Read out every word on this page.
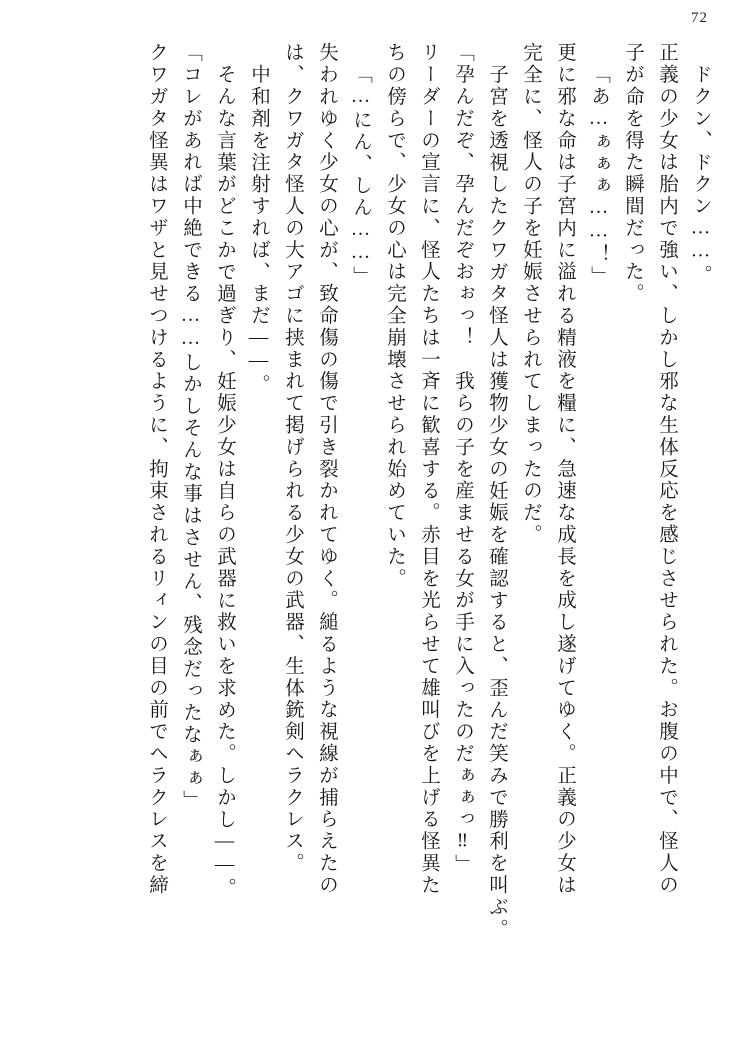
72
ドクン、ドクン……。
正義の少女は胎内で強い、しかし邪な生体反応を感じさせられた。お腹の中で、怪人の
子が命を得た瞬間だった。
「あ…ぁぁぁ……！」
更に邪な命は子宮内に溢れる精液を糧に、急速な成長を成し遂げてゆく。正義の少女は
完全に、怪人の子を妊娠させられてしまったのだ。
子宮を透視したクワガタ怪人は獲物少女の妊娠を確認すると、歪んだ笑みで勝利を叫ぶ。
「孕んだぞ、孕んだぞおぉっ！　我らの子を産ませる女が手に入ったのだぁぁっ‼」
リーダーの宣言に、怪人たちは一斉に歓喜する。赤目を光らせて雄叫びを上げる怪異た
ちの傍らで、少女の心は完全崩壊させられ始めていた。
「…にん、しん……」
失われゆく少女の心が、致命傷の傷で引き裂かれてゆく。縋るような視線が捕らえたの
は、クワガタ怪人の大アゴに挟まれて掲げられる少女の武器、生体銃剣ヘラクレス。
中和剤を注射すれば、まだ――。
そんな言葉がどこかで過ぎり、妊娠少女は自らの武器に救いを求めた。しかし――。
「コレがあれば中絶できる……しかしそんな事はさせん、残念だったなぁぁ」
クワガタ怪異はワザと見せつけるように、拘束されるリィンの目の前でヘラクレスを締
